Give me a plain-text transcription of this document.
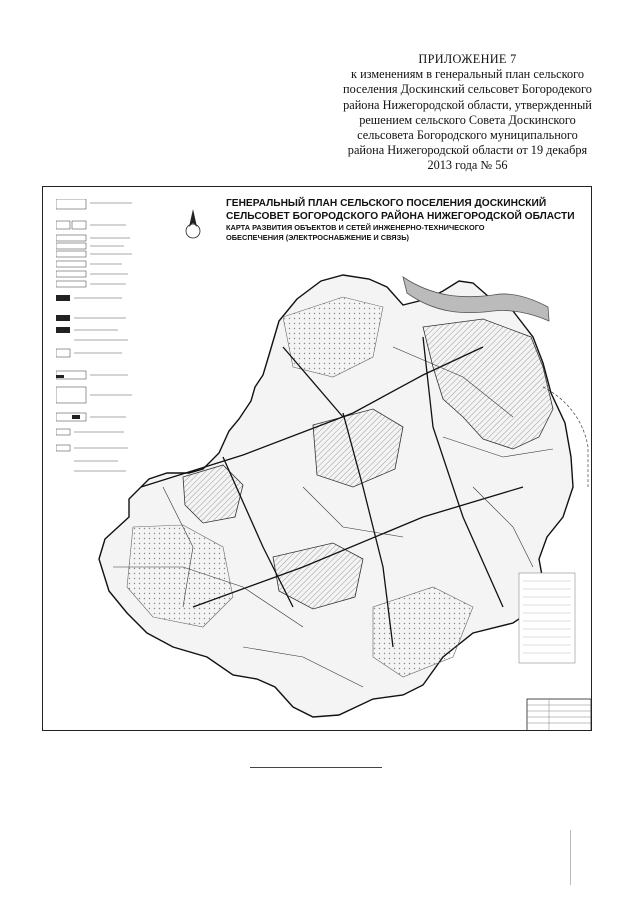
ПРИЛОЖЕНИЕ 7
к изменениям в генеральный план сельского
поселения Доскинский сельсовет Богородекого
района Нижегородской области, утвержденный
решением сельского Совета Доскинского
сельсовета Богородского муниципального
района Нижегородской области от 19 декабря
2013 года № 56
ГЕНЕРАЛЬНЫЙ ПЛАН СЕЛЬСКОГО ПОСЕЛЕНИЯ ДОСКИНСКИЙ
СЕЛЬСОВЕТ БОГОРОДСКОГО РАЙОНА НИЖЕГОРОДСКОЙ ОБЛАСТИ
КАРТА РАЗВИТИЯ ОБЪЕКТОВ И СЕТЕЙ ИНЖЕНЕРНО-ТЕХНИЧЕСКОГО
ОБЕСПЕЧЕНИЯ (ЭЛЕКТРОСНАБЖЕНИЕ И СВЯЗЬ)
